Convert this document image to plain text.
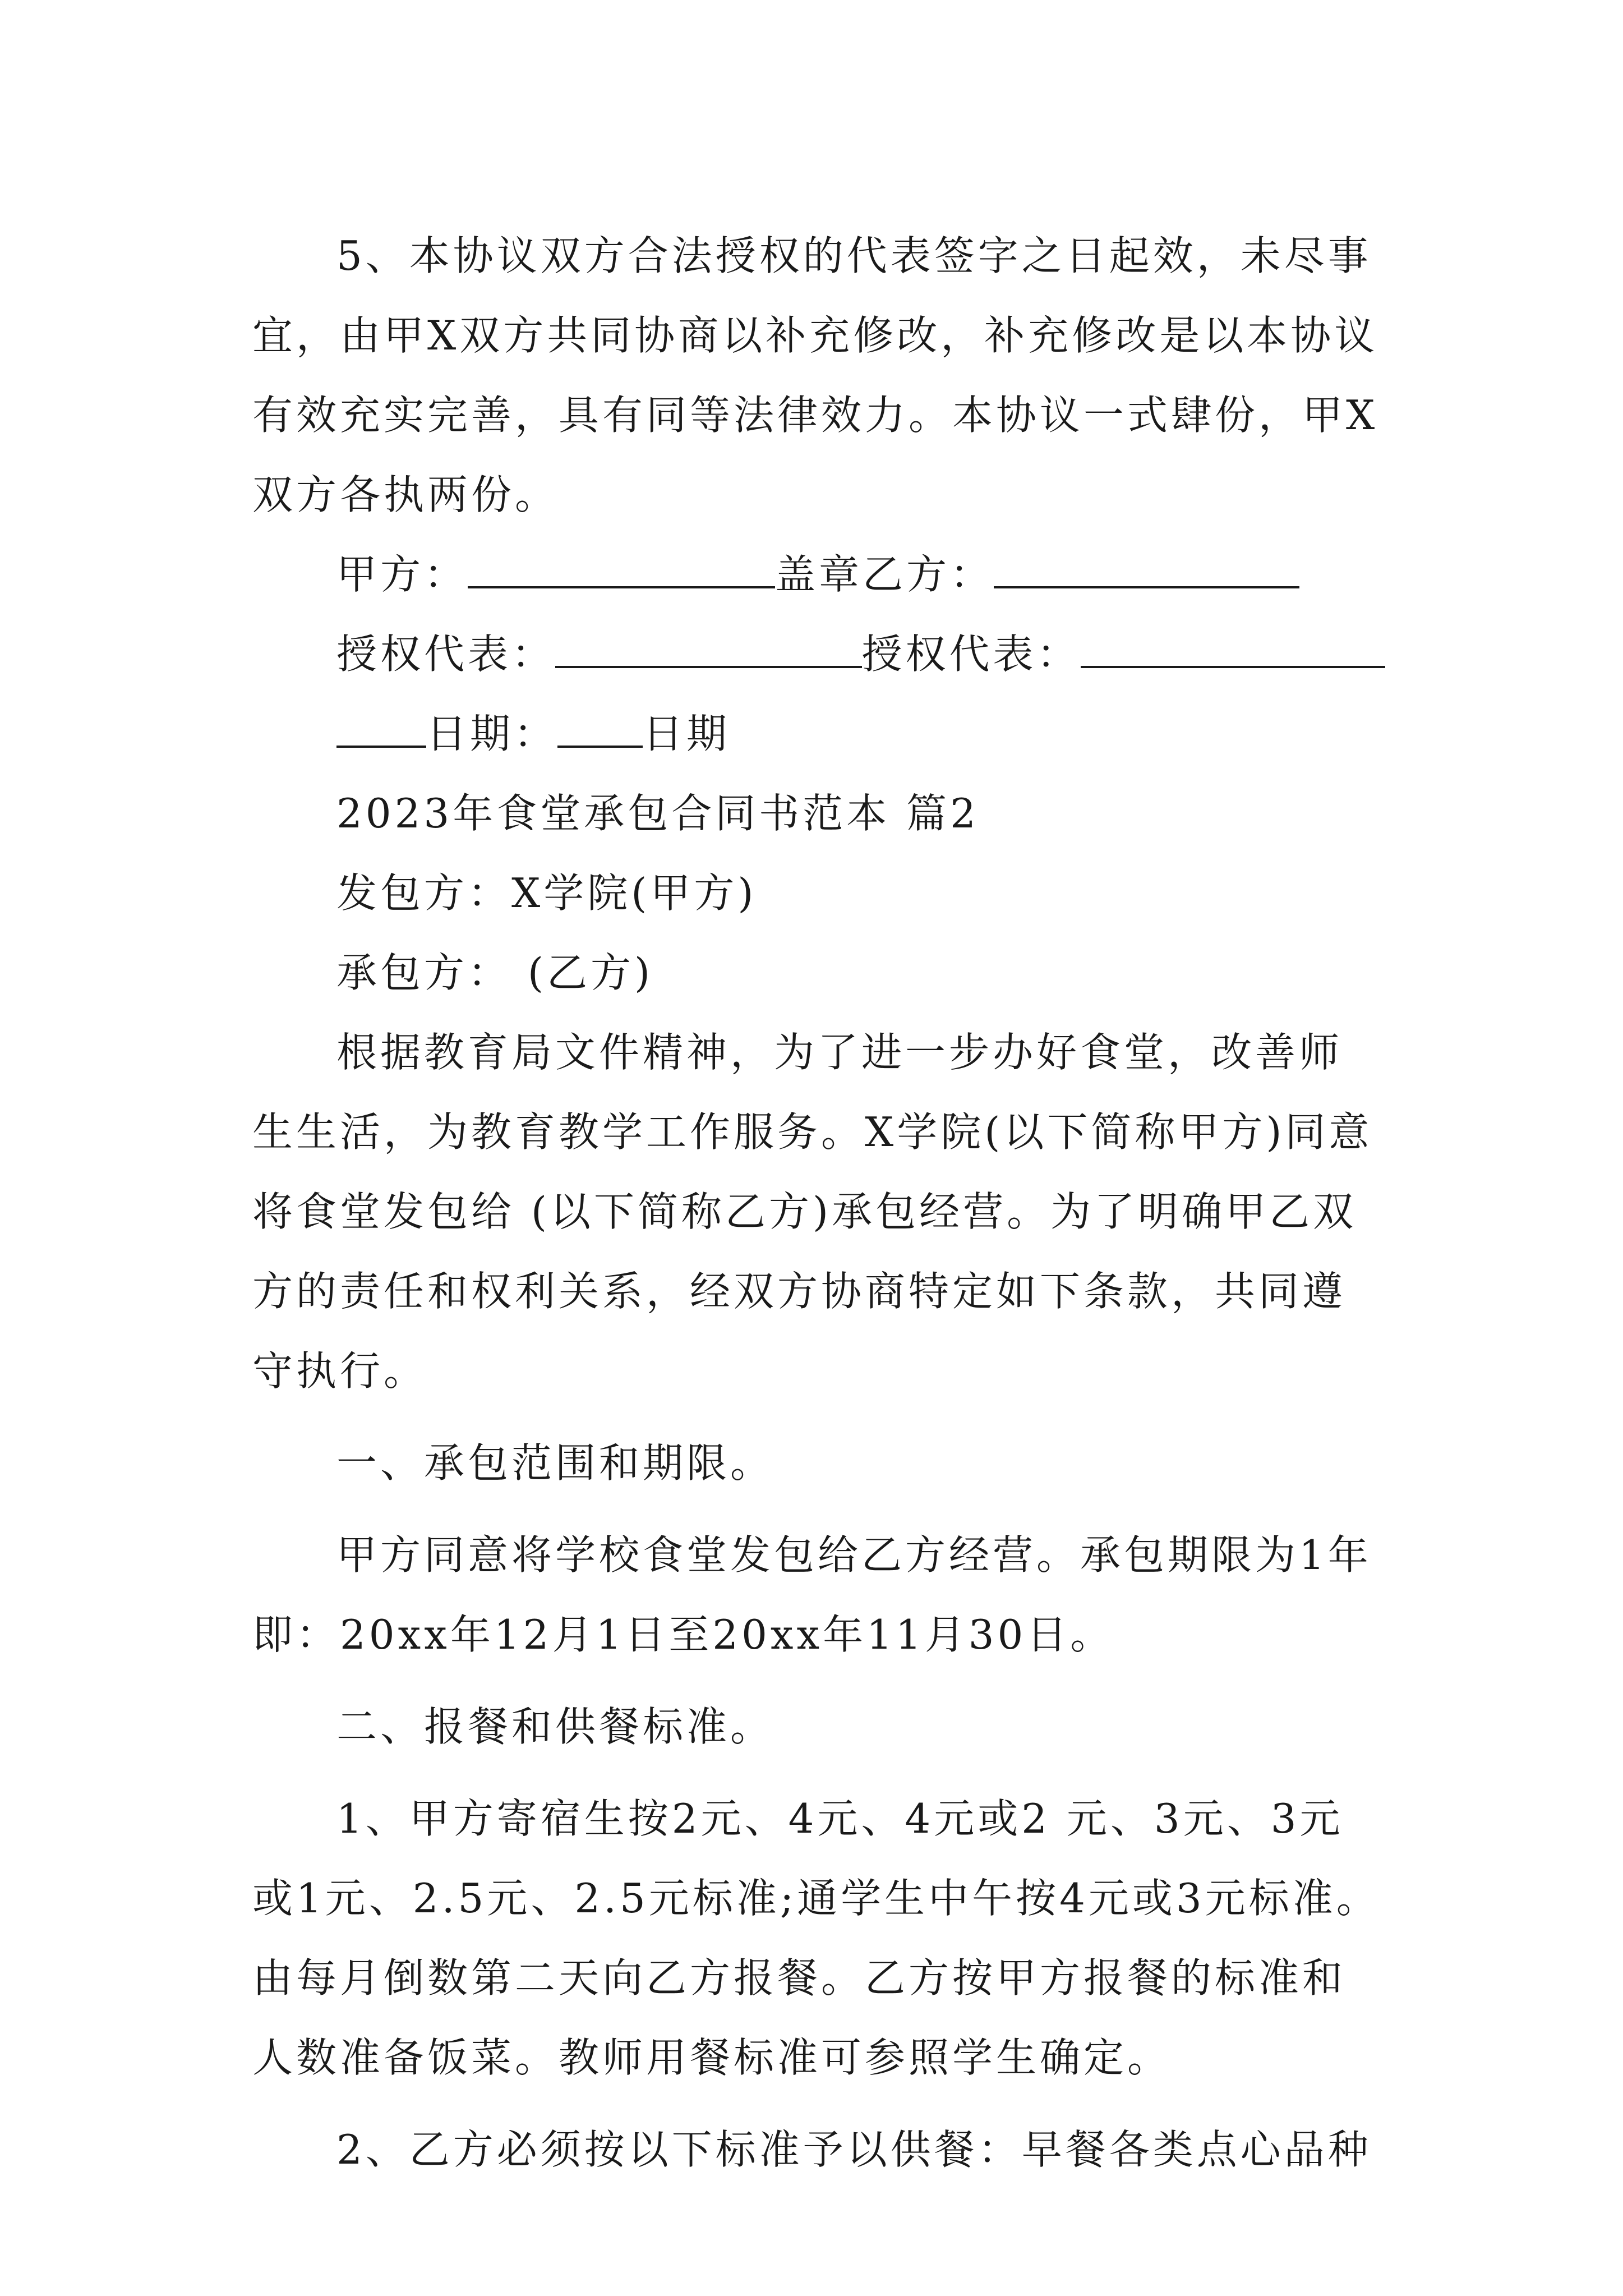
5、本协议双方合法授权的代表签字之日起效，未尽事宜，由甲X双方共同协商以补充修改，补充修改是以本协议有效充实完善，具有同等法律效力。本协议一式肆份，甲X双方各执两份。

甲方：	盖章乙方：
授权代表：	授权代表：
日期： 日期

2023年食堂承包合同书范本 篇2

发包方：X学院(甲方)

承包方： (乙方)

根据教育局文件精神，为了进一步办好食堂，改善师生生活，为教育教学工作服务。X学院(以下简称甲方)同意将食堂发包给 (以下简称乙方)承包经营。为了明确甲乙双方的责任和权利关系，经双方协商特定如下条款，共同遵守执行。

一、承包范围和期限。

甲方同意将学校食堂发包给乙方经营。承包期限为1年即：20xx年12月1日至20xx年11月30日。

二、报餐和供餐标准。

1、甲方寄宿生按2元、4元、4元或2 元、3元、3元或1元、2.5元、2.5元标准;通学生中午按4元或3元标准。由每月倒数第二天向乙方报餐。乙方按甲方报餐的标准和人数准备饭菜。教师用餐标准可参照学生确定。

2、乙方必须按以下标准予以供餐：早餐各类点心品种
